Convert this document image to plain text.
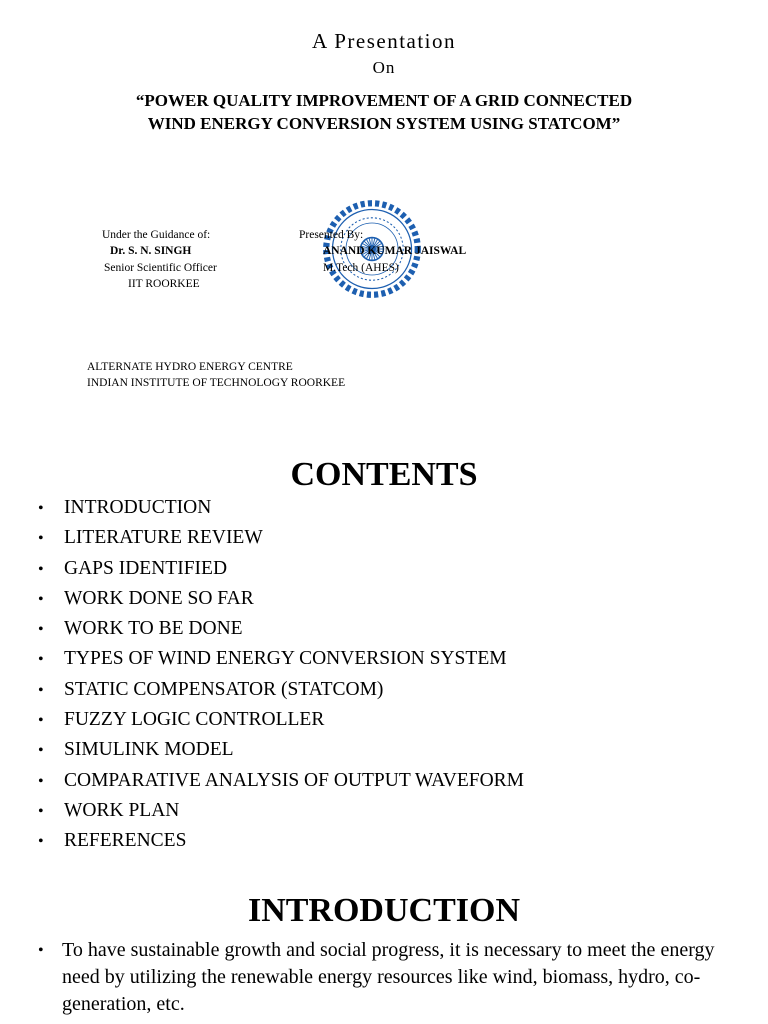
A Presentation
On
“POWER QUALITY IMPROVEMENT OF A GRID CONNECTED
WIND ENERGY CONVERSION SYSTEM USING STATCOM”
Under the Guidance of:
Dr. S. N. SINGH
Senior Scientific Officer
IIT ROORKEE
Presented By:
ANAND KUMAR JAISWAL
M.Tech (AHES)
ALTERNATE HYDRO ENERGY CENTRE
INDIAN INSTITUTE OF TECHNOLOGY ROORKEE
CONTENTS
• INTRODUCTION
• LITERATURE REVIEW
• GAPS IDENTIFIED
• WORK DONE SO FAR
• WORK TO BE DONE
• TYPES OF WIND ENERGY CONVERSION SYSTEM
• STATIC COMPENSATOR (STATCOM)
• FUZZY LOGIC CONTROLLER
• SIMULINK MODEL
• COMPARATIVE ANALYSIS OF OUTPUT WAVEFORM
• WORK PLAN
• REFERENCES
INTRODUCTION
• To have sustainable growth and social progress, it is necessary to meet the energy need by utilizing the renewable energy resources like wind, biomass, hydro, co-generation, etc.
